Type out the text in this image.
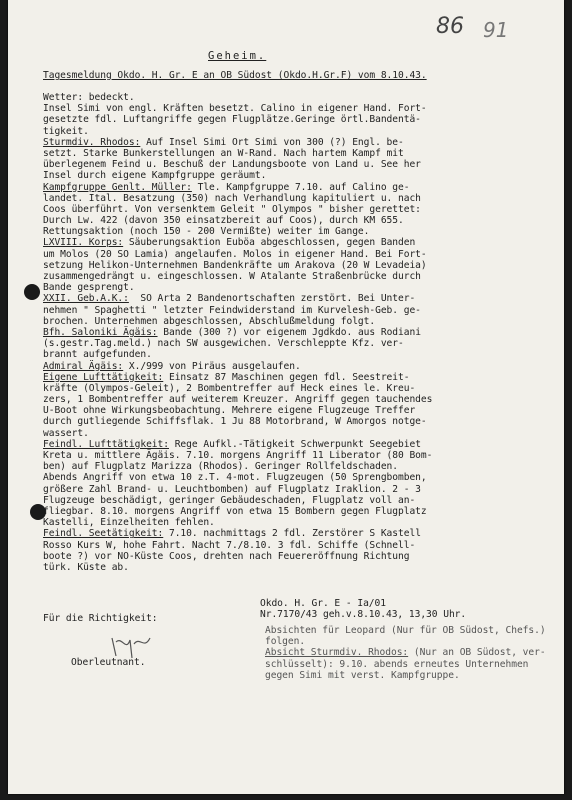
86 91
Geheim.
Tagesmeldung Okdo. H. Gr. E an OB Südost (Okdo.H.Gr.F) vom 8.10.43.
Wetter: bedeckt.
Insel Simi von engl. Kräften besetzt. Calino in eigener Hand. Fort-
gesetzte fdl. Luftangriffe gegen Flugplätze.Geringe örtl.Bandentä-
tigkeit.
Sturmdiv. Rhodos: Auf Insel Simi Ort Simi von 300 (?) Engl. be-
setzt. Starke Bunkerstellungen an W-Rand. Nach hartem Kampf mit
überlegenem Feind u. Beschuß der Landungsboote von Land u. See her
Insel durch eigene Kampfgruppe geräumt.
Kampfgruppe Genlt. Müller: Tle. Kampfgruppe 7.10. auf Calino ge-
landet. Ital. Besatzung (350) nach Verhandlung kapituliert u. nach
Coos überführt. Von versenktem Geleit " Olympos " bisher gerettet:
Durch Lw. 422 (davon 350 einsatzbereit auf Coos), durch KM 655.
Rettungsaktion (noch 150 - 200 Vermißte) weiter im Gange.
LXVIII. Korps: Säuberungsaktion Euböa abgeschlossen, gegen Banden
um Molos (20 SO Lamia) angelaufen. Molos in eigener Hand. Bei Fort-
setzung Helikon-Unternehmen Bandenkräfte um Arakova (20 W Levadeia)
zusammengedrängt u. eingeschlossen. W Atalante Straßenbrücke durch
Bande gesprengt.
XXII. Geb.A.K.:  SO Arta 2 Bandenortschaften zerstört. Bei Unter-
nehmen " Spaghetti " letzter Feindwiderstand im Kurvelesh-Geb. ge-
brochen. Unternehmen abgeschlossen, Abschlußmeldung folgt.
Bfh. Saloniki Ägäis: Bande (300 ?) vor eigenem Jgdkdo. aus Rodiani
(s.gestr.Tag.meld.) nach SW ausgewichen. Verschleppte Kfz. ver-
brannt aufgefunden.
Admiral Ägäis: X./999 von Piräus ausgelaufen.
Eigene Lufttätigkeit: Einsatz 87 Maschinen gegen fdl. Seestreit-
kräfte (Olympos-Geleit), 2 Bombentreffer auf Heck eines le. Kreu-
zers, 1 Bombentreffer auf weiterem Kreuzer. Angriff gegen tauchendes
U-Boot ohne Wirkungsbeobachtung. Mehrere eigene Flugzeuge Treffer
durch gutliegende Schiffsflak. 1 Ju 88 Motorbrand, W Amorgos notge-
wassert.
Feindl. Lufttätigkeit: Rege Aufkl.-Tätigkeit Schwerpunkt Seegebiet
Kreta u. mittlere Ägäis. 7.10. morgens Angriff 11 Liberator (80 Bom-
ben) auf Flugplatz Marizza (Rhodos). Geringer Rollfeldschaden.
Abends Angriff von etwa 10 z.T. 4-mot. Flugzeugen (50 Sprengbomben,
größere Zahl Brand- u. Leuchtbomben) auf Flugplatz Iraklion. 2 - 3
Flugzeuge beschädigt, geringer Gebäudeschaden, Flugplatz voll an-
fliegbar. 8.10. morgens Angriff von etwa 15 Bombern gegen Flugplatz
Kastelli, Einzelheiten fehlen.
Feindl. Seetätigkeit: 7.10. nachmittags 2 fdl. Zerstörer S Kastell
Rosso Kurs W, hohe Fahrt. Nacht 7./8.10. 3 fdl. Schiffe (Schnell-
boote ?) vor NO-Küste Coos, drehten nach Feuereröffnung Richtung
türk. Küste ab.
Okdo. H. Gr. E - Ia/01
Nr.7170/43 geh.v.8.10.43, 13,30 Uhr.
Für die Richtigkeit:
Oberleutnant.
Absichten für Leopard (Nur für OB Südost, Chefs.)
folgen.
Absicht Sturmdiv. Rhodos: (Nur an OB Südost, ver-
schlüsselt): 9.10. abends erneutes Unternehmen
gegen Simi mit verst. Kampfgruppe.
